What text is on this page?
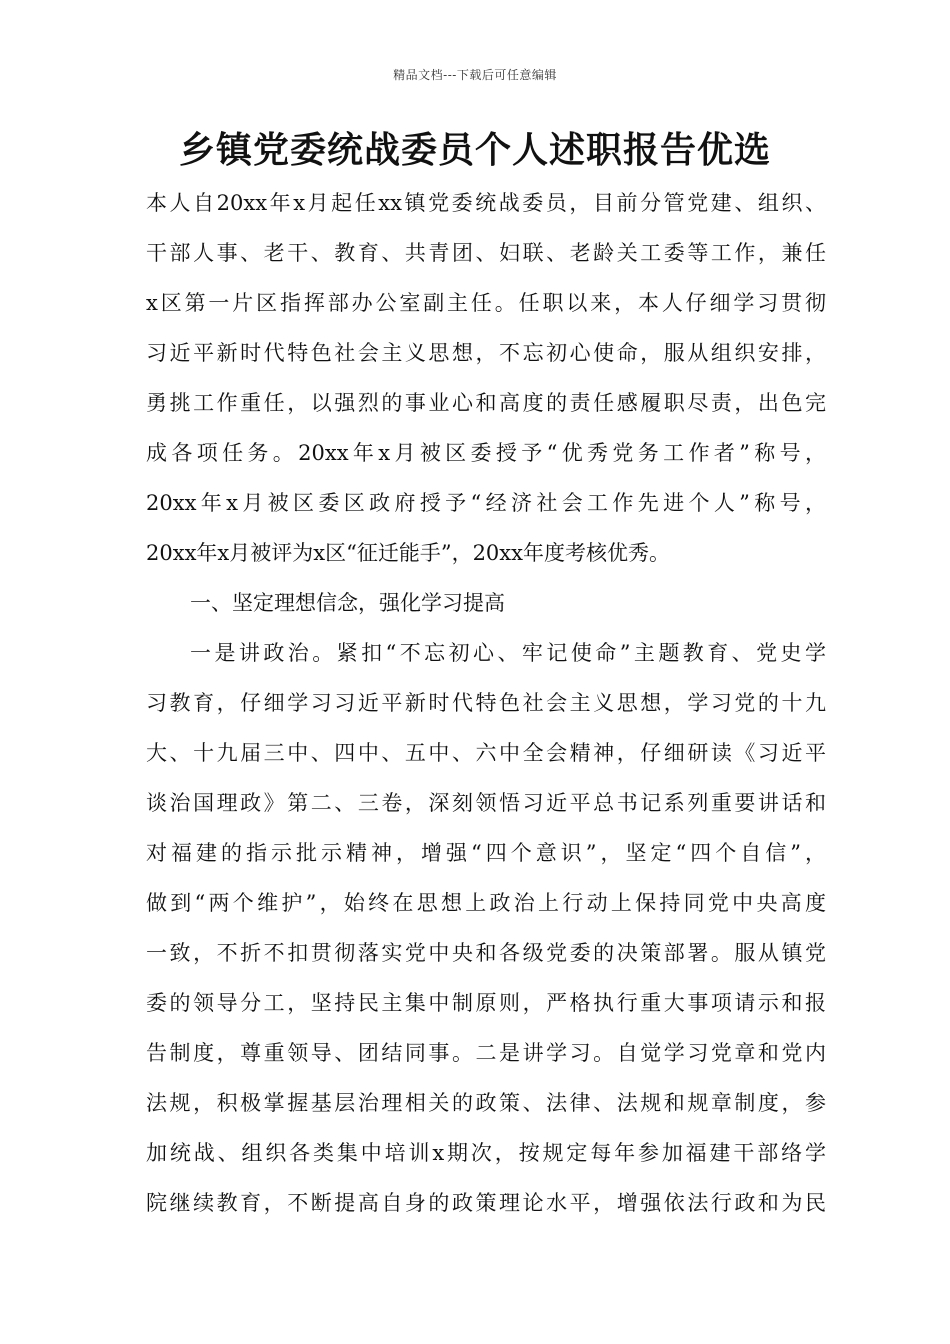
精品文档---下载后可任意编辑
乡镇党委统战委员个人述职报告优选
本人自20xx年x月起任xx镇党委统战委员，目前分管党建、组织、
干部人事、老干、教育、共青团、妇联、老龄关工委等工作，兼任
x区第一片区指挥部办公室副主任。任职以来，本人仔细学习贯彻
习近平新时代特色社会主义思想，不忘初心使命，服从组织安排，
勇挑工作重任，以强烈的事业心和高度的责任感履职尽责，出色完
成各项任务。20xx年x月被区委授予“优秀党务工作者”称号，
20xx年x月被区委区政府授予“经济社会工作先进个人”称号，
20xx年x月被评为x区“征迁能手”，20xx年度考核优秀。
一、坚定理想信念，强化学习提高
一是讲政治。紧扣“不忘初心、牢记使命”主题教育、党史学
习教育，仔细学习习近平新时代特色社会主义思想，学习党的十九
大、十九届三中、四中、五中、六中全会精神，仔细研读《习近平
谈治国理政》第二、三卷，深刻领悟习近平总书记系列重要讲话和
对福建的指示批示精神，增强“四个意识”，坚定“四个自信”，
做到“两个维护”，始终在思想上政治上行动上保持同党中央高度
一致，不折不扣贯彻落实党中央和各级党委的决策部署。服从镇党
委的领导分工，坚持民主集中制原则，严格执行重大事项请示和报
告制度，尊重领导、团结同事。二是讲学习。自觉学习党章和党内
法规，积极掌握基层治理相关的政策、法律、法规和规章制度，参
加统战、组织各类集中培训x期次，按规定每年参加福建干部络学
院继续教育，不断提高自身的政策理论水平，增强依法行政和为民
